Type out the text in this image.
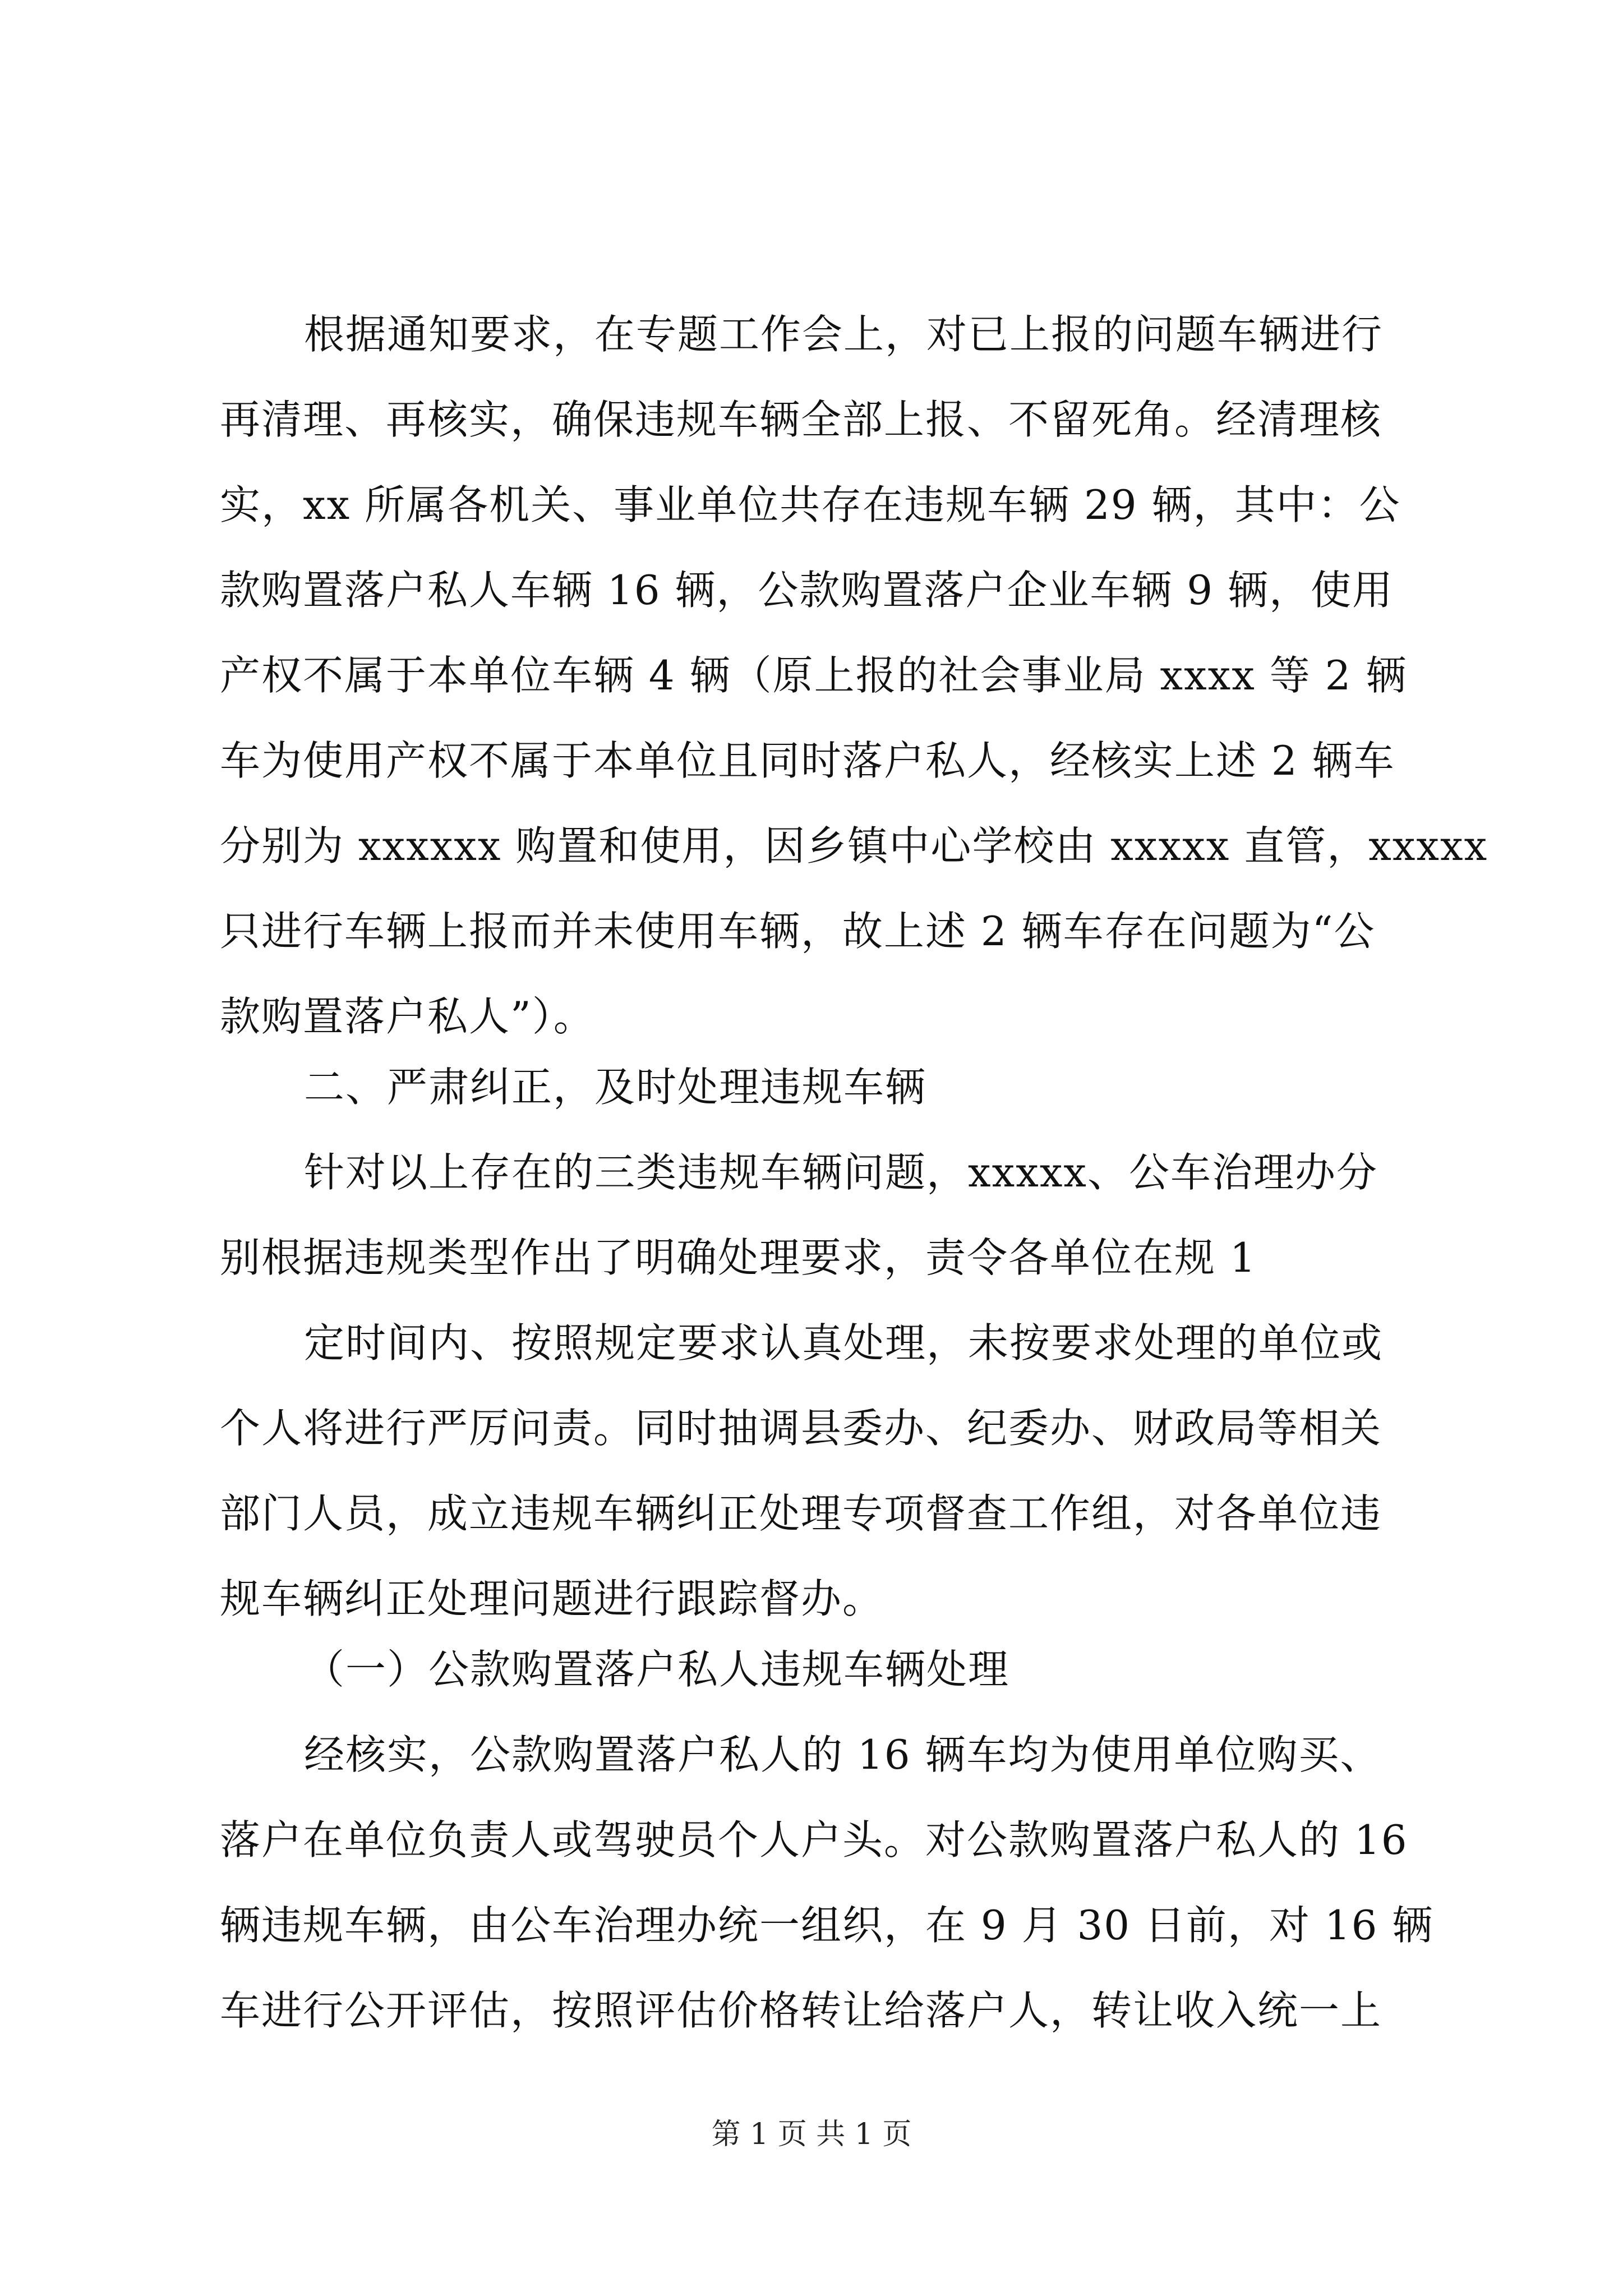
根据通知要求，在专题工作会上，对已上报的问题车辆进行
再清理、再核实，确保违规车辆全部上报、不留死角。经清理核
实，xx 所属各机关、事业单位共存在违规车辆 29 辆，其中：公
款购置落户私人车辆 16 辆，公款购置落户企业车辆 9 辆，使用
产权不属于本单位车辆 4 辆（原上报的社会事业局 xxxx 等 2 辆
车为使用产权不属于本单位且同时落户私人，经核实上述 2 辆车
分别为 xxxxxx 购置和使用，因乡镇中心学校由 xxxxx 直管，xxxxx
只进行车辆上报而并未使用车辆，故上述 2 辆车存在问题为“公
款购置落户私人”）。
二、严肃纠正，及时处理违规车辆
针对以上存在的三类违规车辆问题，xxxxx、公车治理办分
别根据违规类型作出了明确处理要求，责令各单位在规 1
定时间内、按照规定要求认真处理，未按要求处理的单位或
个人将进行严厉问责。同时抽调县委办、纪委办、财政局等相关
部门人员，成立违规车辆纠正处理专项督查工作组，对各单位违
规车辆纠正处理问题进行跟踪督办。
（一）公款购置落户私人违规车辆处理
经核实，公款购置落户私人的 16 辆车均为使用单位购买、
落户在单位负责人或驾驶员个人户头。对公款购置落户私人的 16
辆违规车辆，由公车治理办统一组织，在 9 月 30 日前，对 16 辆
车进行公开评估，按照评估价格转让给落户人，转让收入统一上
第 1 页 共 1 页
